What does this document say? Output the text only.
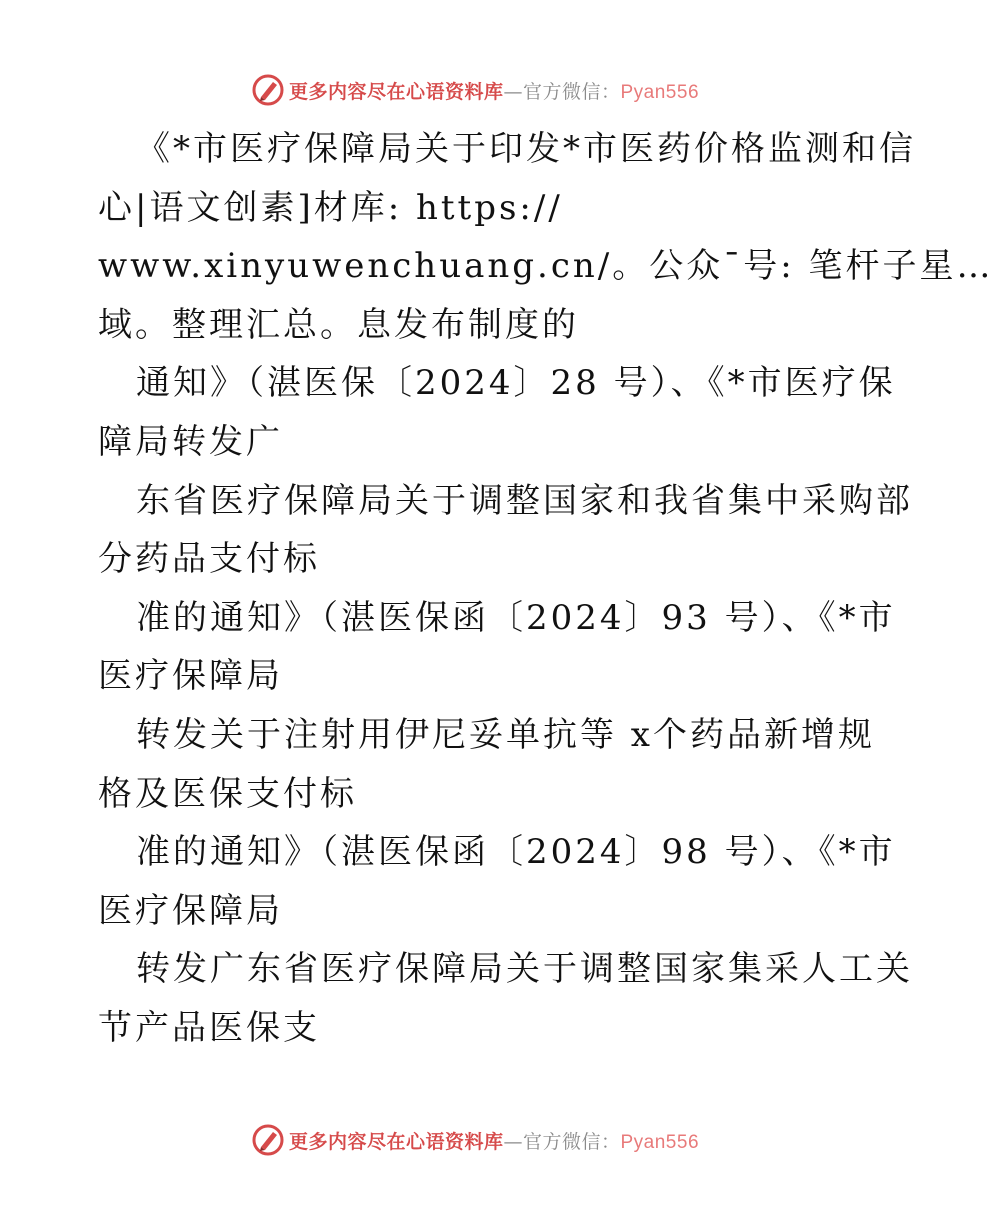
更多内容尽在心语资料库—官方微信：Pyan556
《*市医疗保障局关于印发*市医药价格监测和信
心|语文创素]材库: https://
www.xinyuwenchuang.cn/。公众¯号: 笔杆子星…
域。整理汇总。息发布制度的
通知》（湛医保〔2024〕28 号）、《*市医疗保
障局转发广
东省医疗保障局关于调整国家和我省集中采购部
分药品支付标
准的通知》（湛医保函〔2024〕93 号）、《*市
医疗保障局
转发关于注射用伊尼妥单抗等 x个药品新增规
格及医保支付标
准的通知》（湛医保函〔2024〕98 号）、《*市
医疗保障局
转发广东省医疗保障局关于调整国家集采人工关
节产品医保支
更多内容尽在心语资料库—官方微信：Pyan556
